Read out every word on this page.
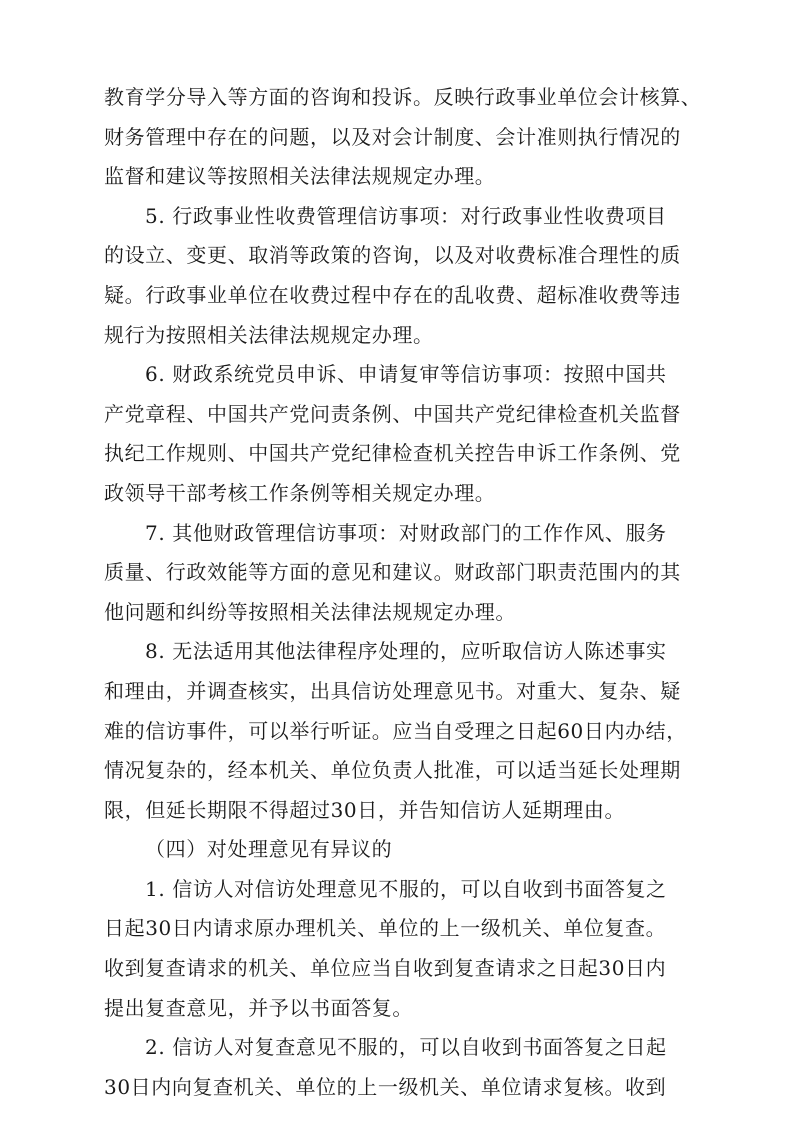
教育学分导入等方面的咨询和投诉。反映行政事业单位会计核算、
财务管理中存在的问题，以及对会计制度、会计准则执行情况的
监督和建议等按照相关法律法规规定办理。
5. 行政事业性收费管理信访事项：对行政事业性收费项目
的设立、变更、取消等政策的咨询，以及对收费标准合理性的质
疑。行政事业单位在收费过程中存在的乱收费、超标准收费等违
规行为按照相关法律法规规定办理。
6. 财政系统党员申诉、申请复审等信访事项：按照中国共
产党章程、中国共产党问责条例、中国共产党纪律检查机关监督
执纪工作规则、中国共产党纪律检查机关控告申诉工作条例、党
政领导干部考核工作条例等相关规定办理。
7. 其他财政管理信访事项：对财政部门的工作作风、服务
质量、行政效能等方面的意见和建议。财政部门职责范围内的其
他问题和纠纷等按照相关法律法规规定办理。
8. 无法适用其他法律程序处理的，应听取信访人陈述事实
和理由，并调查核实，出具信访处理意见书。对重大、复杂、疑
难的信访事件，可以举行听证。应当自受理之日起60日内办结，
情况复杂的，经本机关、单位负责人批准，可以适当延长处理期
限，但延长期限不得超过30日，并告知信访人延期理由。
（四）对处理意见有异议的
1. 信访人对信访处理意见不服的，可以自收到书面答复之
日起30日内请求原办理机关、单位的上一级机关、单位复查。
收到复查请求的机关、单位应当自收到复查请求之日起30日内
提出复查意见，并予以书面答复。
2. 信访人对复查意见不服的，可以自收到书面答复之日起
30日内向复查机关、单位的上一级机关、单位请求复核。收到
